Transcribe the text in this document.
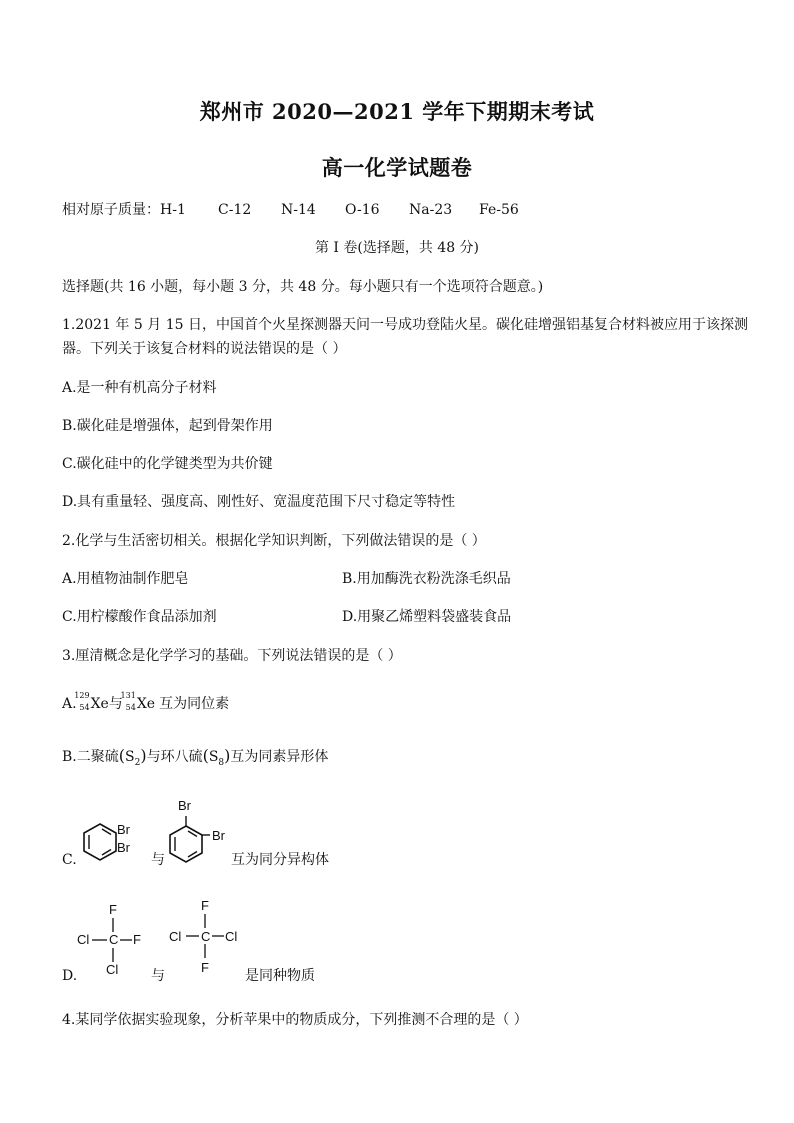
郑州市 2020—2021 学年下期期末考试
高一化学试题卷
相对原子质量：H-1 C-12 N-14 O-16 Na-23 Fe-56
第 I 卷(选择题，共 48 分)
选择题(共 16 小题，每小题 3 分，共 48 分。每小题只有一个选项符合题意。)
1.2021 年 5 月 15 日，中国首个火星探测器天问一号成功登陆火星。碳化硅增强铝基复合材料被应用于该探测
器。下列关于该复合材料的说法错误的是（ ）
A.是一种有机高分子材料
B.碳化硅是增强体，起到骨架作用
C.碳化硅中的化学键类型为共价键
D.具有重量轻、强度高、刚性好、宽温度范围下尺寸稳定等特性
2.化学与生活密切相关。根据化学知识判断，下列做法错误的是（ ）
A.用植物油制作肥皂	B.用加酶洗衣粉洗涤毛织品
C.用柠檬酸作食品添加剂	D.用聚乙烯塑料袋盛装食品
3.厘清概念是化学学习的基础。下列说法错误的是（ ）
A.
129
54 Xe与
131
54 Xe 互为同位素
B.二聚硫$(S_2)$与环八硫$(S_8)$互为同素异形体
C.
Br
Br
与
Br
Br
互为同分异构体
D.
F
Cl C F
Cl 与
F
Cl C Cl
F
是同种物质
4.某同学依据实验现象，分析苹果中的物质成分，下列推测不合理的是（ ）
